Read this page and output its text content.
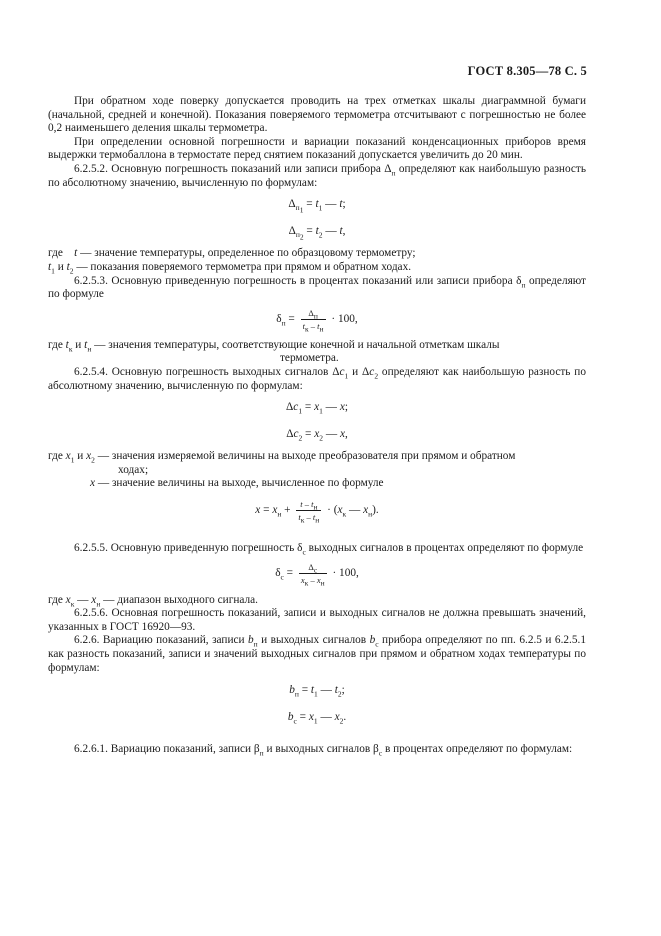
ГОСТ 8.305—78 С. 5

При обратном ходе поверку допускается проводить на трех отметках шкалы диаграммной бумаги (начальной, средней и конечной). Показания поверяемого термометра отсчитывают с погрешностью не более 0,2 наименьшего деления шкалы термометра.

При определении основной погрешности и вариации показаний конденсационных приборов время выдержки термобаллона в термостате перед снятием показаний допускается увеличить до 20 мин.

6.2.5.2. Основную погрешность показаний или записи прибора $\Delta_п$ определяют как наибольшую разность по абсолютному значению, вычисленную по формулам:

$\Delta_{п_1} = t_1$ — t;

$\Delta_{п_2} = t_2$ — t,

где t — значение температуры, определенное по образцовому термометру;

$t_1$ и $t_2$ — показания поверяемого термометра при прямом и обратном ходах.

6.2.5.3. Основную приведенную погрешность в процентах показаний или записи прибора $\delta_п$ определяют по формуле

$\delta_п = \frac{\Delta_п}{t_к - t_н} \cdot 100$,

где $t_к$ и $t_н$ — значения температуры, соответствующие конечной и начальной отметкам шкалы

термометра.

6.2.5.4. Основную погрешность выходных сигналов $\Delta c_1$ и $\Delta c_2$ определяют как наибольшую разность по абсолютному значению, вычисленную по формулам:

$\Delta c_1 = x_1$ — x;

$\Delta c_2 = x_2$ — x,

где $x_1$ и $x_2$ — значения измеряемой величины на выходе преобразователя при прямом и обратном

ходах;

x — значение величины на выходе, вычисленное по формуле

$x = x_н + \frac{t - t_н}{t_к - t_н} \cdot (x_к$ — $x_н$).

6.2.5.5. Основную приведенную погрешность $\delta_c$ выходных сигналов в процентах определяют по формуле

$\delta_c = \frac{\Delta_c}{x_к - x_н} \cdot 100$,

где $x_к$ — $x_н$ — диапазон выходного сигнала.

6.2.5.6. Основная погрешность показаний, записи и выходных сигналов не должна превышать значений, указанных в ГОСТ 16920—93.

6.2.6. Вариацию показаний, записи $b_п$ и выходных сигналов $b_c$ прибора определяют по пп. 6.2.5 и 6.2.5.1 как разность показаний, записи и значений выходных сигналов при прямом и обратном ходах температуры по формулам:

$b_п = t_1$ — $t_2$;

$b_c = x_1$ — $x_2$.

6.2.6.1. Вариацию показаний, записи $\beta_п$ и выходных сигналов $\beta_c$ в процентах определяют по формулам:
